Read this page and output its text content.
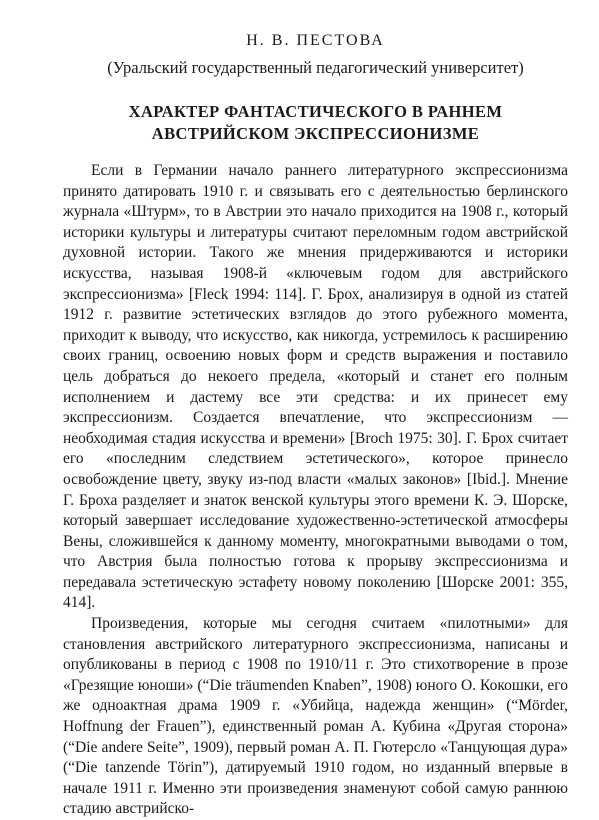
Н. В. ПЕСТОВА

(Уральский государственный педагогический университет)

ХАРАКТЕР ФАНТАСТИЧЕСКОГО В РАННЕМ
АВСТРИЙСКОМ ЭКСПРЕССИОНИЗМЕ

Если в Германии начало раннего литературного экспрессионизма принято датировать 1910 г. и связывать его с деятельностью берлинского журнала «Штурм», то в Австрии это начало приходится на 1908 г., который историки культуры и литературы считают переломным годом австрийской духовной истории. Такого же мнения придерживаются и историки искусства, называя 1908-й «ключевым годом для австрийского экспрессионизма» [Fleck 1994: 114]. Г. Брох, анализируя в одной из статей 1912 г. развитие эстетических взглядов до этого рубежного момента, приходит к выводу, что искусство, как никогда, устремилось к расширению своих границ, освоению новых форм и средств выражения и поставило цель добраться до некоего предела, «который и станет его полным исполнением и дастему все эти средства: и их принесет ему экспрессионизм. Создается впечатление, что экспрессионизм — необходимая стадия искусства и времени» [Broch 1975: 30]. Г. Брох считает его «последним следствием эстетического», которое принесло освобождение цвету, звуку из-под власти «малых законов» [Ibid.]. Мнение Г. Броха разделяет и знаток венской культуры этого времени К. Э. Шорске, который завершает исследование художественно-эстетической атмосферы Вены, сложившейся к данному моменту, многократными выводами о том, что Австрия была полностью готова к прорыву экспрессионизма и передавала эстетическую эстафету новому поколению [Шорске 2001: 355, 414].

Произведения, которые мы сегодня считаем «пилотными» для становления австрийского литературного экспрессионизма, написаны и опубликованы в период с 1908 по 1910/11 г. Это стихотворение в прозе «Грезящие юноши» (“Die träumenden Knaben”, 1908) юного О. Кокошки, его же одноактная драма 1909 г. «Убийца, надежда женщин» (“Mörder, Hoffnung der Frauen”), единственный роман А. Кубина «Другая сторона» (“Die andere Seite”, 1909), первый роман А. П. Гютерсло «Танцующая дура» (“Die tanzende Törin”), датируемый 1910 годом, но изданный впервые в начале 1911 г. Именно эти произведения знаменуют собой самую раннюю стадию австрийско-
